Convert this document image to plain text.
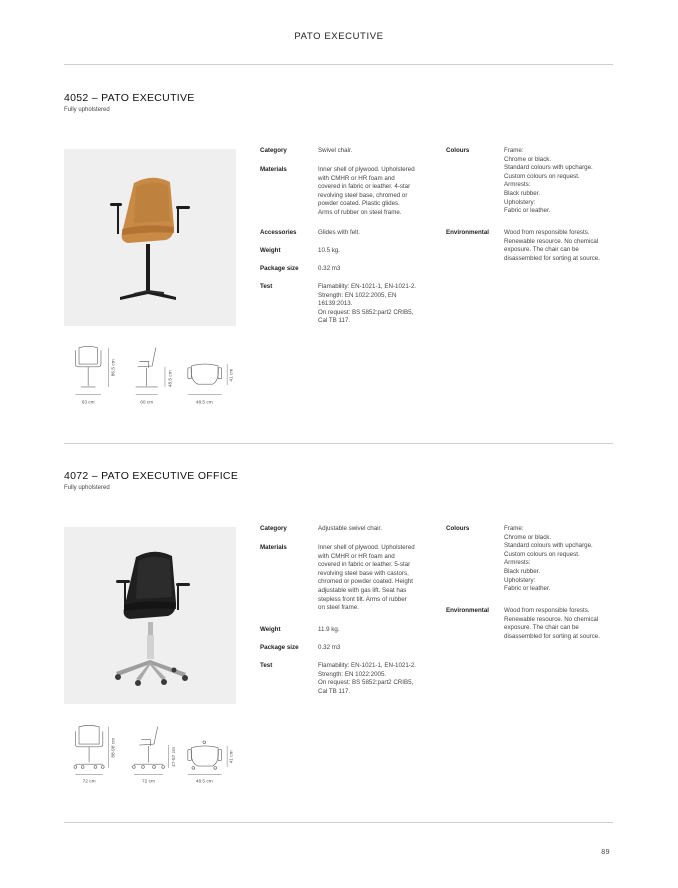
PATO EXECUTIVE
4052 – PATO EXECUTIVE
Fully upholstered
Category	Swivel chair.
Materials	Inner shell of plywood. Upholstered
with CMHR or HR foam and
covered in fabric or leather. 4-star
revolving steel base, chromed or
powder coated. Plastic glides.
Arms of rubber on steel frame.
Accessories	Glides with felt.
Weight	10.5 kg.
Package size	0.32 m3
Test	Flamability: EN-1021-1, EN-1021-2.
Strength: EN 1022:2005, EN
16139:2013.
On request: BS 5852:part2 CRIB5,
Cal TB 117.
Colours	Frame:
Chrome or black.
Standard colours with upcharge.
Custom colours on request.
Armrests:
Black rubber.
Upholstery:
Fabric or leather.
Environmental Wood from responsible forests.
Renewable resource. No chemical
exposure. The chair can be
disassembled for sorting at source.
63 cm
86.5 cm
60 cm
48.5 cm
48.5 cm
41 cm
4072 – PATO EXECUTIVE OFFICE
Fully upholstered
Category	Adjustable swivel chair.
Materials	Inner shell of plywood. Upholstered
with CMHR or HR foam and
covered in fabric or leather. 5-star
revolving steel base with castors,
chromed or powder coated. Height
adjustable with gas lift. Seat has
stepless front tilt. Arms of rubber
on steel frame.
Weight	11.9 kg.
Package size	0.32 m3
Test	Flamability: EN-1021-1, EN-1021-2.
Strength: EN 1022:2005.
On request: BS 5852:part2 CRIB5,
Cal TB 117.
Colours	Frame:
Chrome or black.
Standard colours with upcharge.
Custom colours on request.
Armrests:
Black rubber.
Upholstery:
Fabric or leather.
Environmental Wood from responsible forests.
Renewable resource. No chemical
exposure. The chair can be
disassembled for sorting at source.
72 cm
88-98 cm
72 cm
47-57 cm
48.5 cm
41 cm
89
